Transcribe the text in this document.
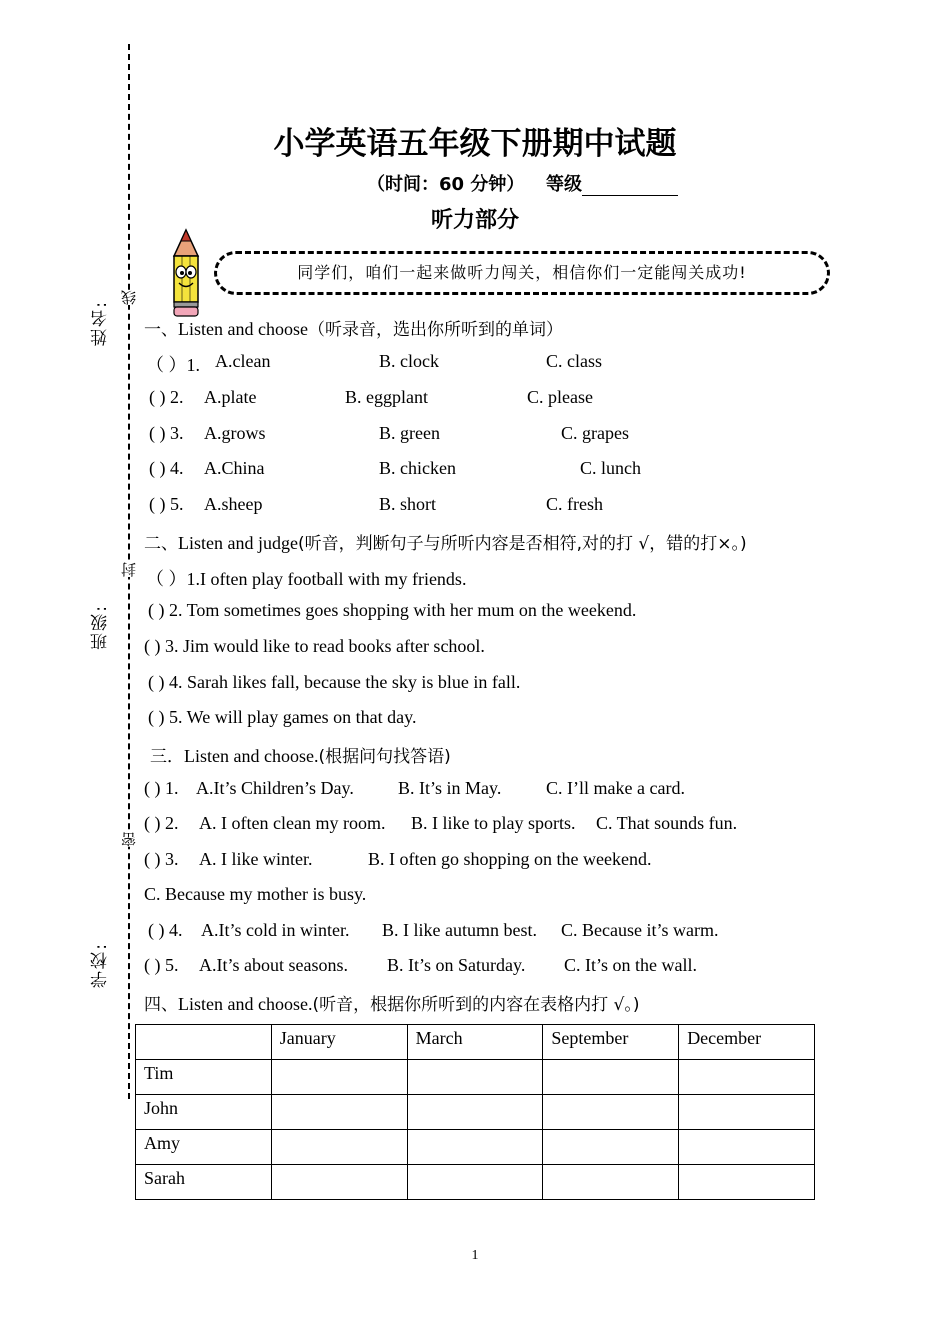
姓名:
班级:
学校:
线
封
密
小学英语五年级下册期中试题
（时间：60 分钟） 等级
听力部分
同学们，咱们一起来做听力闯关，相信你们一定能闯关成功!
一、Listen and choose（听录音，选出你所听到的单词）
（ ）1. A.clean	B. clock	C. class
( ) 2. A.plate	B. eggplant	C. please
( ) 3. A.grows	B. green	C. grapes
( ) 4. A.China	B. chicken	C. lunch
( ) 5. A.sheep	B. short	C. fresh
二、Listen and judge(听音，判断句子与所听内容是否相符,对的打 √，错的打×。)
（ ）1.I often play football with my friends.
( ) 2. Tom sometimes goes shopping with her mum on the weekend.
( ) 3. Jim would like to read books after school.
( ) 4. Sarah likes fall, because the sky is blue in fall.
( ) 5. We will play games on that day.
三．Listen and choose.(根据问句找答语)
( ) 1. A.It’s Children’s Day. B. It’s in May. C. I’ll make a card.
( ) 2. A. I often clean my room. B. I like to play sports. C. That sounds fun.
( ) 3. A. I like winter.	B. I often go shopping on the weekend.
C. Because my mother is busy.
( ) 4. A.It’s cold in winter. B. I like autumn best. C. Because it’s warm.
( ) 5. A.It’s about seasons. B. It’s on Saturday. C. It’s on the wall.
四、Listen and choose.(听音，根据你所听到的内容在表格内打 √。)
	January	March	September	December
Tim				
John				
Amy				
Sarah				
1
